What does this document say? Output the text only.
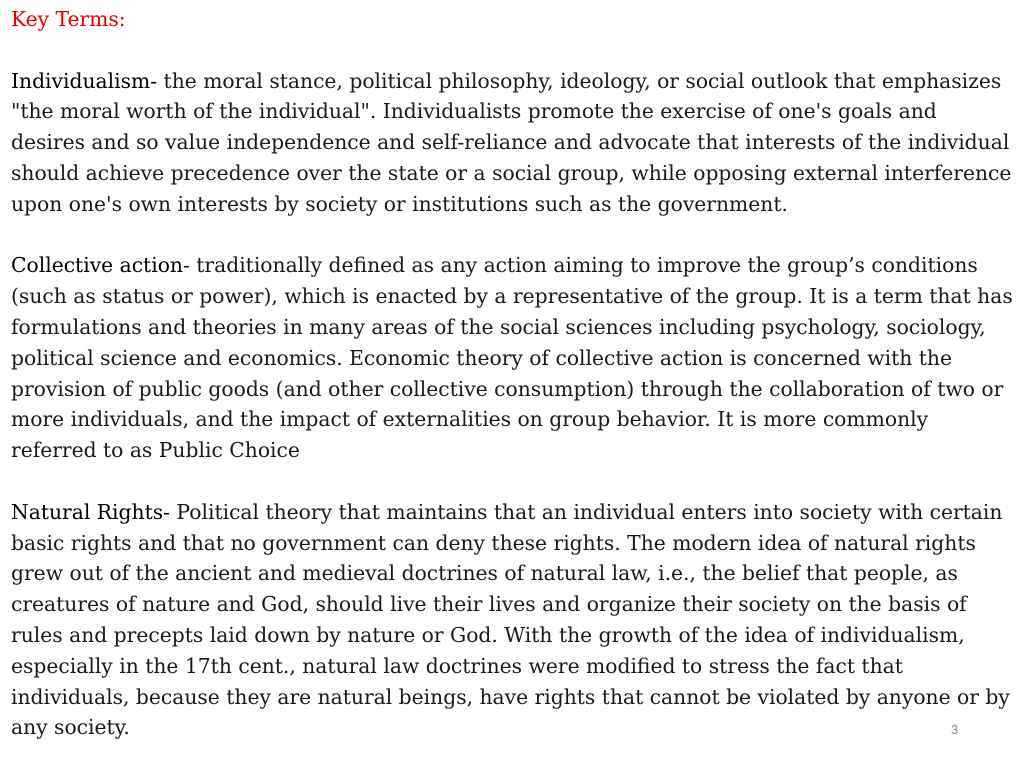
Key Terms:

Individualism- the moral stance, political philosophy, ideology, or social outlook that emphasizes "the moral worth of the individual". Individualists promote the exercise of one's goals and desires and so value independence and self-reliance and advocate that interests of the individual should achieve precedence over the state or a social group, while opposing external interference upon one's own interests by society or institutions such as the government.

Collective action- traditionally defined as any action aiming to improve the group’s conditions (such as status or power), which is enacted by a representative of the group. It is a term that has formulations and theories in many areas of the social sciences including psychology, sociology, political science and economics. Economic theory of collective action is concerned with the provision of public goods (and other collective consumption) through the collaboration of two or more individuals, and the impact of externalities on group behavior. It is more commonly referred to as Public Choice

Natural Rights- Political theory that maintains that an individual enters into society with certain basic rights and that no government can deny these rights. The modern idea of natural rights grew out of the ancient and medieval doctrines of natural law, i.e., the belief that people, as creatures of nature and God, should live their lives and organize their society on the basis of rules and precepts laid down by nature or God. With the growth of the idea of individualism, especially in the 17th cent., natural law doctrines were modified to stress the fact that individuals, because they are natural beings, have rights that cannot be violated by anyone or by any society.	3
